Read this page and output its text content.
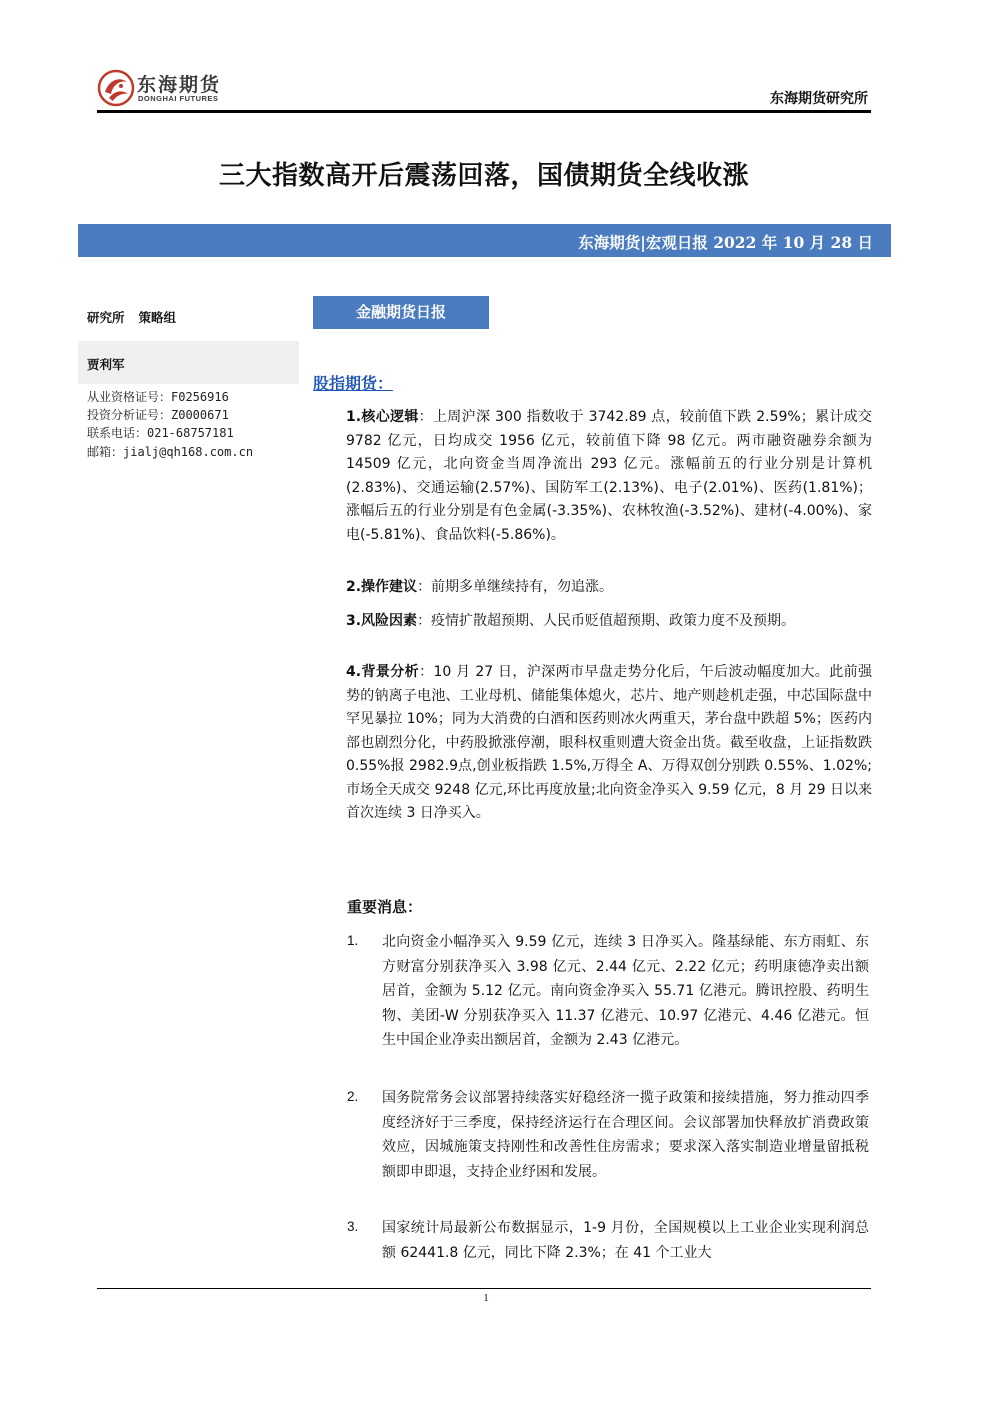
东海期货
DONGHAI FUTURES	东海期货研究所
三大指数高开后震荡回落，国债期货全线收涨
东海期货|宏观日报 2022 年 10 月 28 日
研究所 策略组
贾利军
从业资格证号：F0256916
投资分析证号：Z0000671
联系电话：021-68757181
邮箱：jialj@qh168.com.cn
金融期货日报
股指期货：
1.核心逻辑：上周沪深 300 指数收于 3742.89 点，较前值下跌 2.59%；累计成交 9782 亿元，日均成交 1956 亿元，较前值下降 98 亿元。两市融资融券余额为 14509 亿元，北向资金当周净流出 293 亿元。涨幅前五的行业分别是计算机(2.83%)、交通运输(2.57%)、国防军工(2.13%)、电子(2.01%)、医药(1.81%)；涨幅后五的行业分别是有色金属(-3.35%)、农林牧渔(-3.52%)、建材(-4.00%)、家电(-5.81%)、食品饮料(-5.86%)。
2.操作建议：前期多单继续持有，勿追涨。
3.风险因素：疫情扩散超预期、人民币贬值超预期、政策力度不及预期。
4.背景分析：10 月 27 日，沪深两市早盘走势分化后，午后波动幅度加大。此前强势的钠离子电池、工业母机、储能集体熄火，芯片、地产则趁机走强，中芯国际盘中罕见暴拉 10%；同为大消费的白酒和医药则冰火两重天，茅台盘中跌超 5%；医药内部也剧烈分化，中药股掀涨停潮，眼科权重则遭大资金出货。截至收盘，上证指数跌 0.55%报 2982.9点,创业板指跌 1.5%,万得全 A、万得双创分别跌 0.55%、1.02%;市场全天成交 9248 亿元,环比再度放量;北向资金净买入 9.59 亿元，8 月 29 日以来首次连续 3 日净买入。
重要消息：
1. 北向资金小幅净买入 9.59 亿元，连续 3 日净买入。隆基绿能、东方雨虹、东方财富分别获净买入 3.98 亿元、2.44 亿元、2.22 亿元；药明康德净卖出额居首，金额为 5.12 亿元。南向资金净买入 55.71 亿港元。腾讯控股、药明生物、美团-W 分别获净买入 11.37 亿港元、10.97 亿港元、4.46 亿港元。恒生中国企业净卖出额居首，金额为 2.43 亿港元。
2. 国务院常务会议部署持续落实好稳经济一揽子政策和接续措施，努力推动四季度经济好于三季度，保持经济运行在合理区间。会议部署加快释放扩消费政策效应，因城施策支持刚性和改善性住房需求；要求深入落实制造业增量留抵税额即申即退，支持企业纾困和发展。
3. 国家统计局最新公布数据显示，1-9 月份，全国规模以上工业企业实现利润总额 62441.8 亿元，同比下降 2.3%；在 41 个工业大
1
